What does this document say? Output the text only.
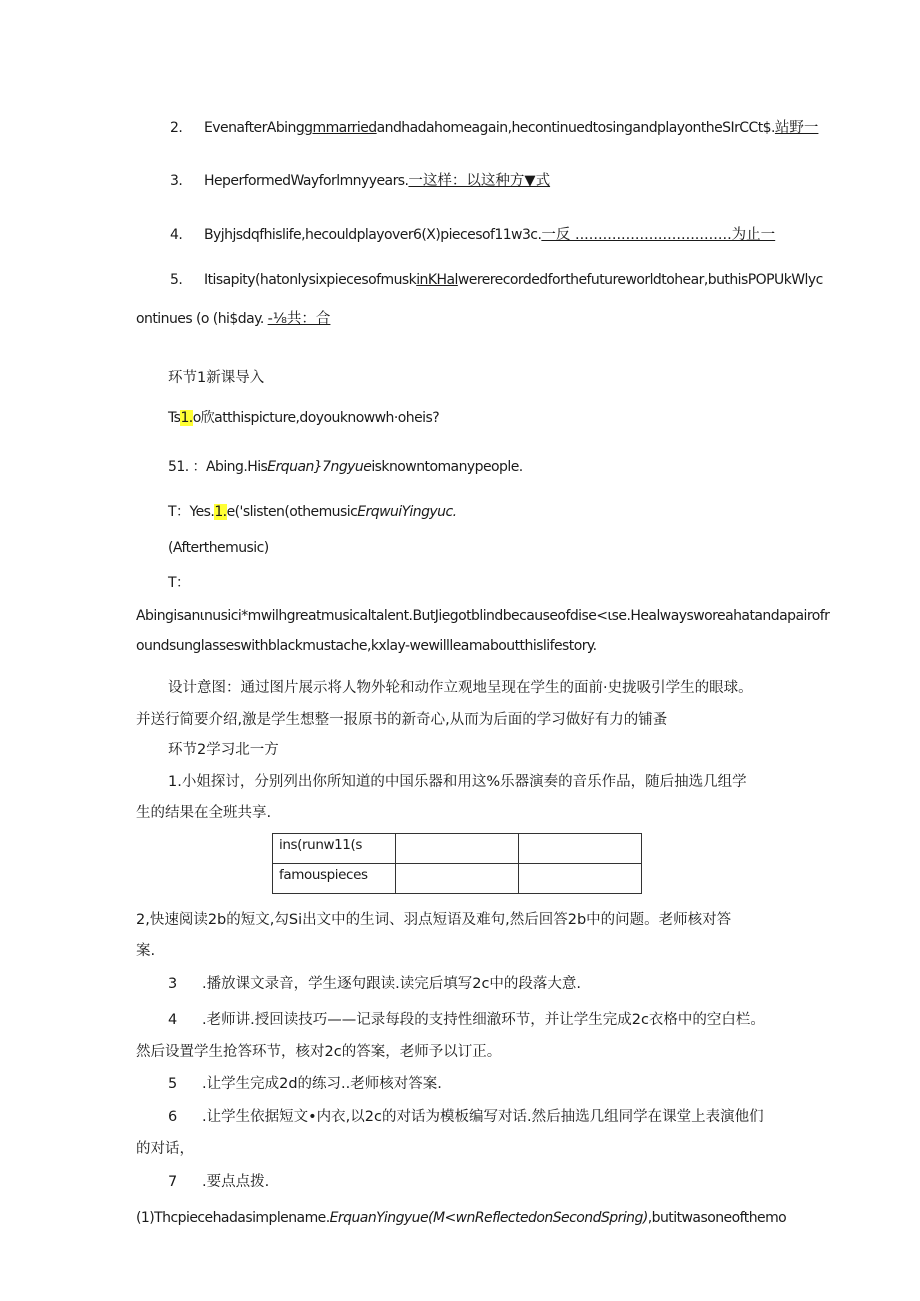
2. EvenafterAbinggmmarriedandhadahomeagain,hecontinuedtosingandplayontheSIrCCt$.站野一
3. HeperformedWayforlmnyyears.一这样：以这种方▼式
4. Byjhjsdqfhislife,hecouldplayover6(X)piecesof11w3c.一反 ..................................为止一
5. Itisapity(hatonlysixpiecesofmuskinKHalwererecordedforthefutureworldtohear,buthisPOPUkWlyc
ontinues (o (hi$day. -⅛共：合
环节1新课导入
Ts1.o欣atthispicture,doyouknowwh·oheis?
51. ：Abing.HisErquan}7ngyueisknowntomanypeople.
T：Yes.1.e('slisten(othemusicErqwuiYingyuc.
(Afterthemusic)
T：
Abingisanιnusici*mwilhgreatmusicaltalent.ButJiegotblindbecauseofdise<ιse.Healwaysworeahatandapairofr
oundsunglasseswithblackmustache,kxlay-wewillleamaboutthislifestory.
设计意图：通过图片展示将人物外轮和动作立观地呈现在学生的面前·史拢吸引学生的眼球。
并送行简要介绍,激是学生想整一报原书的新奇心,从而为后面的学习做好有力的铺蚤
环节2学习北一方
1.小姐探讨，分别列出你所知道的中国乐器和用这%乐器演奏的音乐作品，随后抽选几组学
生的结果在全班共享.
ins(runw11(s		
famouspieces		
2,快速阅读2b的短文,勾Si出文中的生词、羽点短语及难句,然后回答2b中的问题。老师核对答
案.
3 .播放课文录音，学生逐句跟读.读完后填写2c中的段落大意.
4 .老师讲.授回读技巧——记录每段的支持性细澈环节，并让学生完成2c衣格中的空白栏。
然后设置学生抢答环节，核对2c的答案，老师予以订正。
5 .让学生完成2d的练习..老师核对答案.
6 .让学生依据短文•内衣,以2c的对话为模板编写对话.然后抽选几组同学在课堂上表演他们
的对话，
7 .要点点拨.
(1)Thcpiecehadasimplename.ErquanYingyue(M<wnReflectedonSecondSpring),butitwasoneofthemo
